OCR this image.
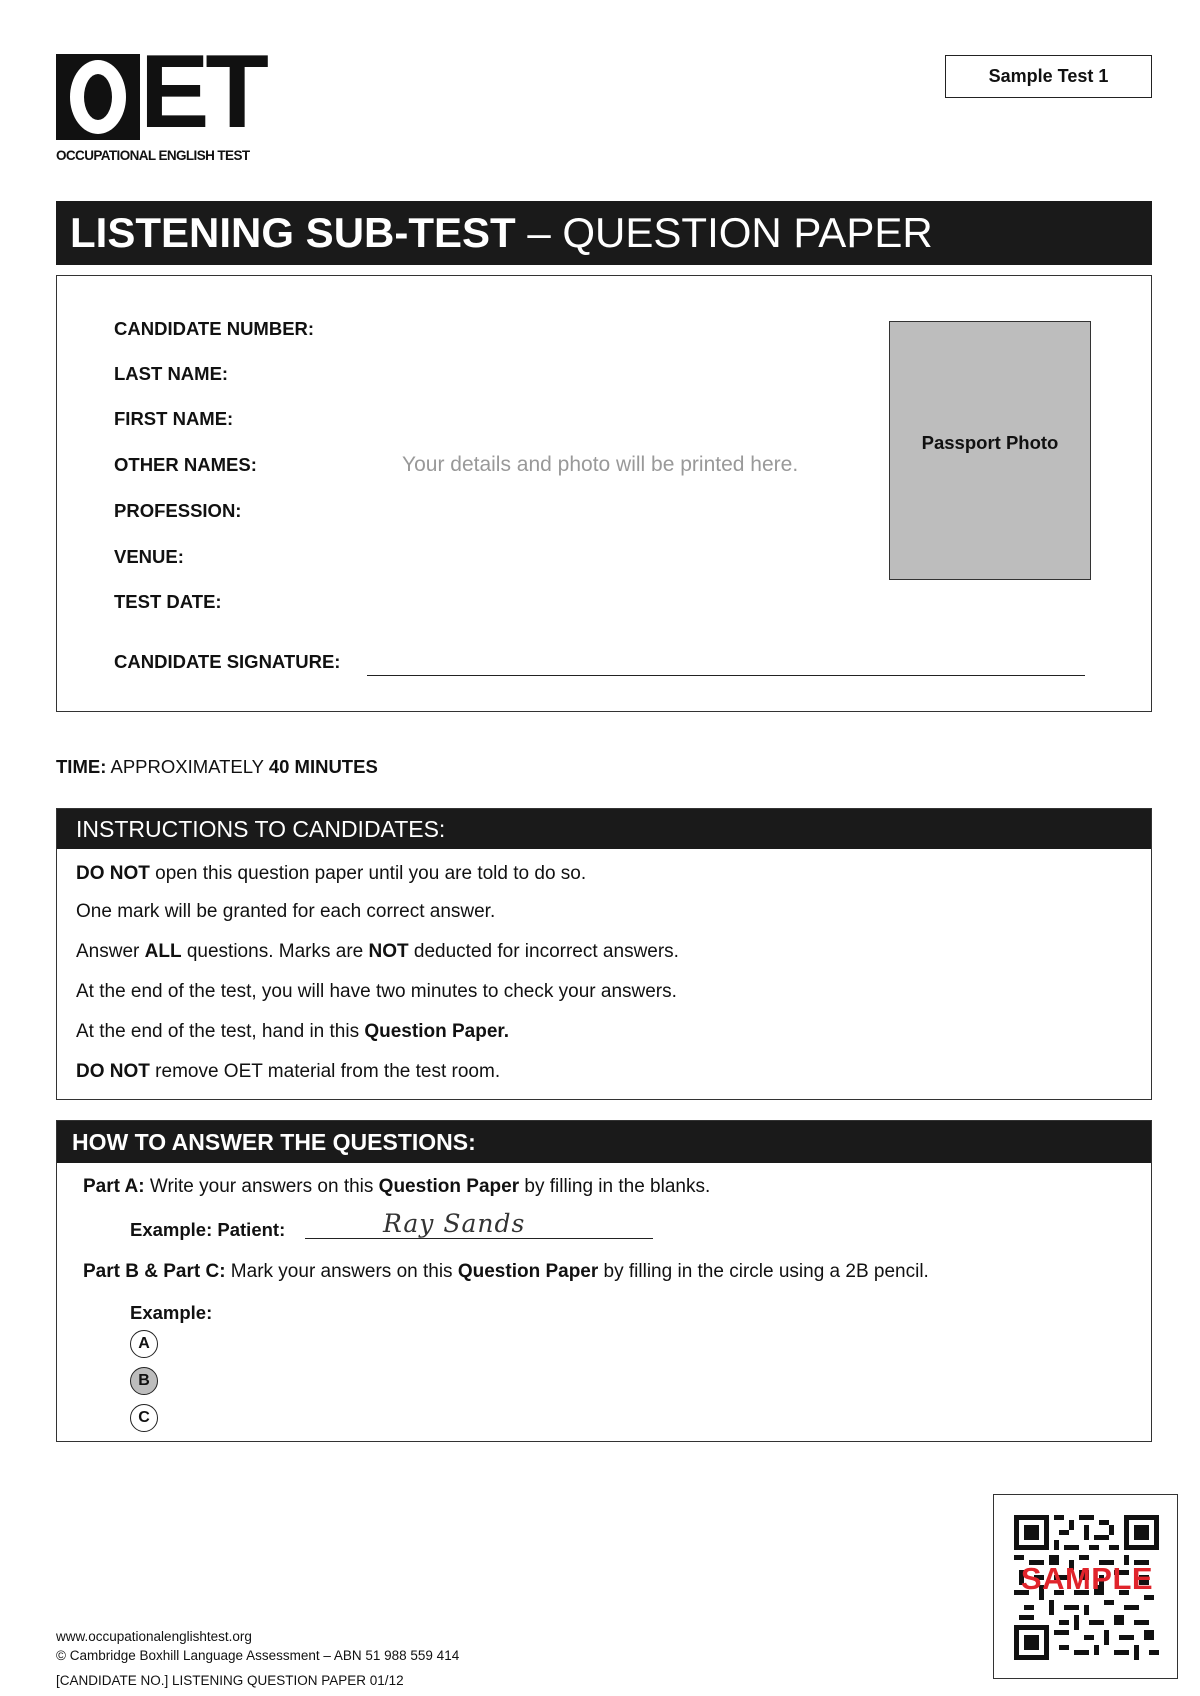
ET
OCCUPATIONAL ENGLISH TEST
Sample Test 1
LISTENING SUB-TEST – QUESTION PAPER
CANDIDATE NUMBER:
LAST NAME:
FIRST NAME:
OTHER NAMES:
PROFESSION:
VENUE:
TEST DATE:
Your details and photo will be printed here.
Passport Photo
CANDIDATE SIGNATURE:
TIME: APPROXIMATELY 40 MINUTES
INSTRUCTIONS TO CANDIDATES:
DO NOT open this question paper until you are told to do so.
One mark will be granted for each correct answer.
Answer ALL questions. Marks are NOT deducted for incorrect answers.
At the end of the test, you will have two minutes to check your answers.
At the end of the test, hand in this Question Paper.
DO NOT remove OET material from the test room.
HOW TO ANSWER THE QUESTIONS:
Part A: Write your answers on this Question Paper by filling in the blanks.
Example: Patient:	Ray Sands
Part B & Part C: Mark your answers on this Question Paper by filling in the circle using a 2B pencil.
Example:
A
B
C
www.occupationalenglishtest.org
© Cambridge Boxhill Language Assessment – ABN 51 988 559 414
[CANDIDATE NO.] LISTENING QUESTION PAPER 01/12
SAMPLE
